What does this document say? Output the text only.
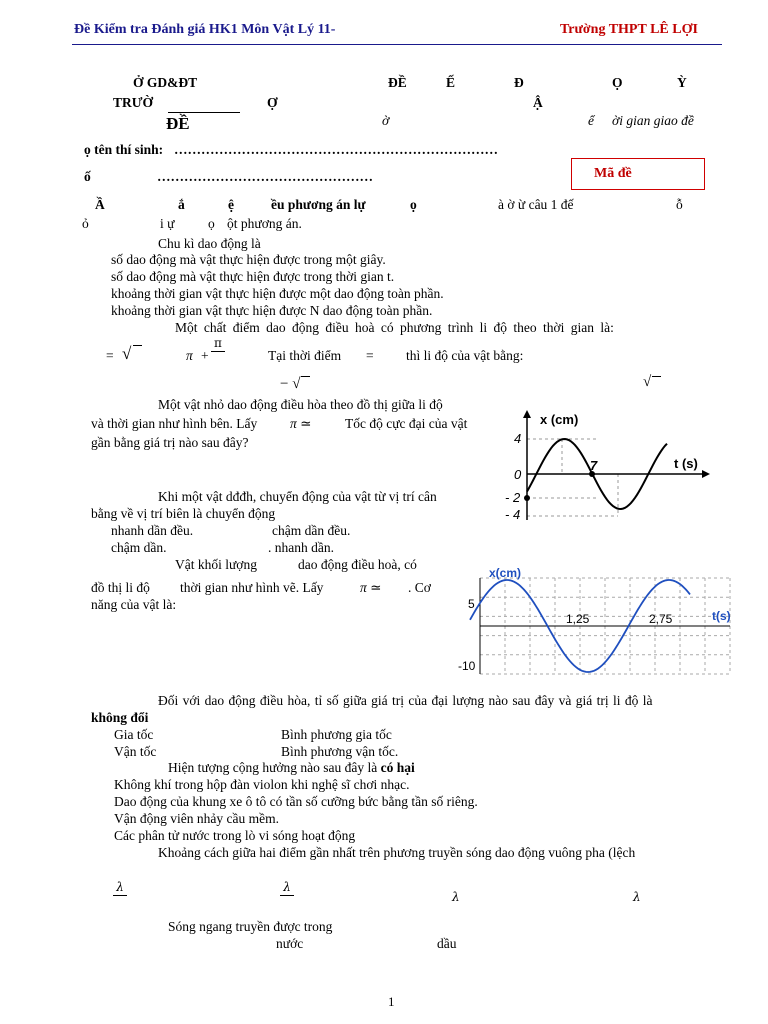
Đề Kiểm tra Đánh giá HK1 Môn Vật Lý 11-	Trường THPT LÊ LỢI
Ở GD&ĐT	ĐỀ	Ế	Đ	Ọ	Ỳ
TRƯỜ	Ợ	Ậ
ĐỀ	ờ	ể ời gian giao đề
ọ tên thí sinh: ………………………………………………………………
ố	…………………………………………	Mã đề
Ầ	ắ	ệ	ều phương án lự	ọ	à ờ ừ câu 1 đế	ỗ
ỏ	i ự ọ ột phương án.
Chu kì dao động là
số dao động mà vật thực hiện được trong một giây.
số dao động mà vật thực hiện được trong thời gian t.
khoảng thời gian vật thực hiện được một dao động toàn phần.
khoảng thời gian vật thực hiện được N dao động toàn phần.
Một chất điểm dao động điều hoà có phương trình li độ theo thời gian là:
= √	π +
π
Tại thời điểm = thì li độ của vật bằng:
− √	√
Một vật nhỏ dao động điều hòa theo đồ thị giữa li độ
và thời gian như hình bên. Lấy π ≃ Tốc độ cực đại của vật
gần bằng giá trị nào sau đây?
x (cm)
t (s)
4
0
- 2
- 4
7
Khi một vật dđđh, chuyển động của vật từ vị trí cân
bằng về vị trí biên là chuyển động
nhanh dần đều.	chậm dần đều.
chậm dần.	. nhanh dần.
Vật khối lượng	dao động điều hoà, có
đồ thị li độ thời gian như hình vẽ. Lấy	π ≃ . Cơ
năng của vật là:
x(cm)
t(s)
5
-10
1,25	2,75
Đối với dao động điều hòa, tỉ số giữa giá trị của đại lượng nào sau đây và giá trị li độ là
không đổi
Gia tốc	Bình phương gia tốc
Vận tốc	Bình phương vận tốc.
Hiện tượng cộng hưởng nào sau đây là có hại
Không khí trong hộp đàn violon khi nghệ sĩ chơi nhạc.
Dao động của khung xe ô tô có tần số cưỡng bức bằng tần số riêng.
Vận động viên nhảy cầu mềm.
Các phân tử nước trong lò vi sóng hoạt động
Khoảng cách giữa hai điểm gần nhất trên phương truyền sóng dao động vuông pha (lệch
λ	λ
λ	λ
Sóng ngang truyền được trong
nước	dầu
1
